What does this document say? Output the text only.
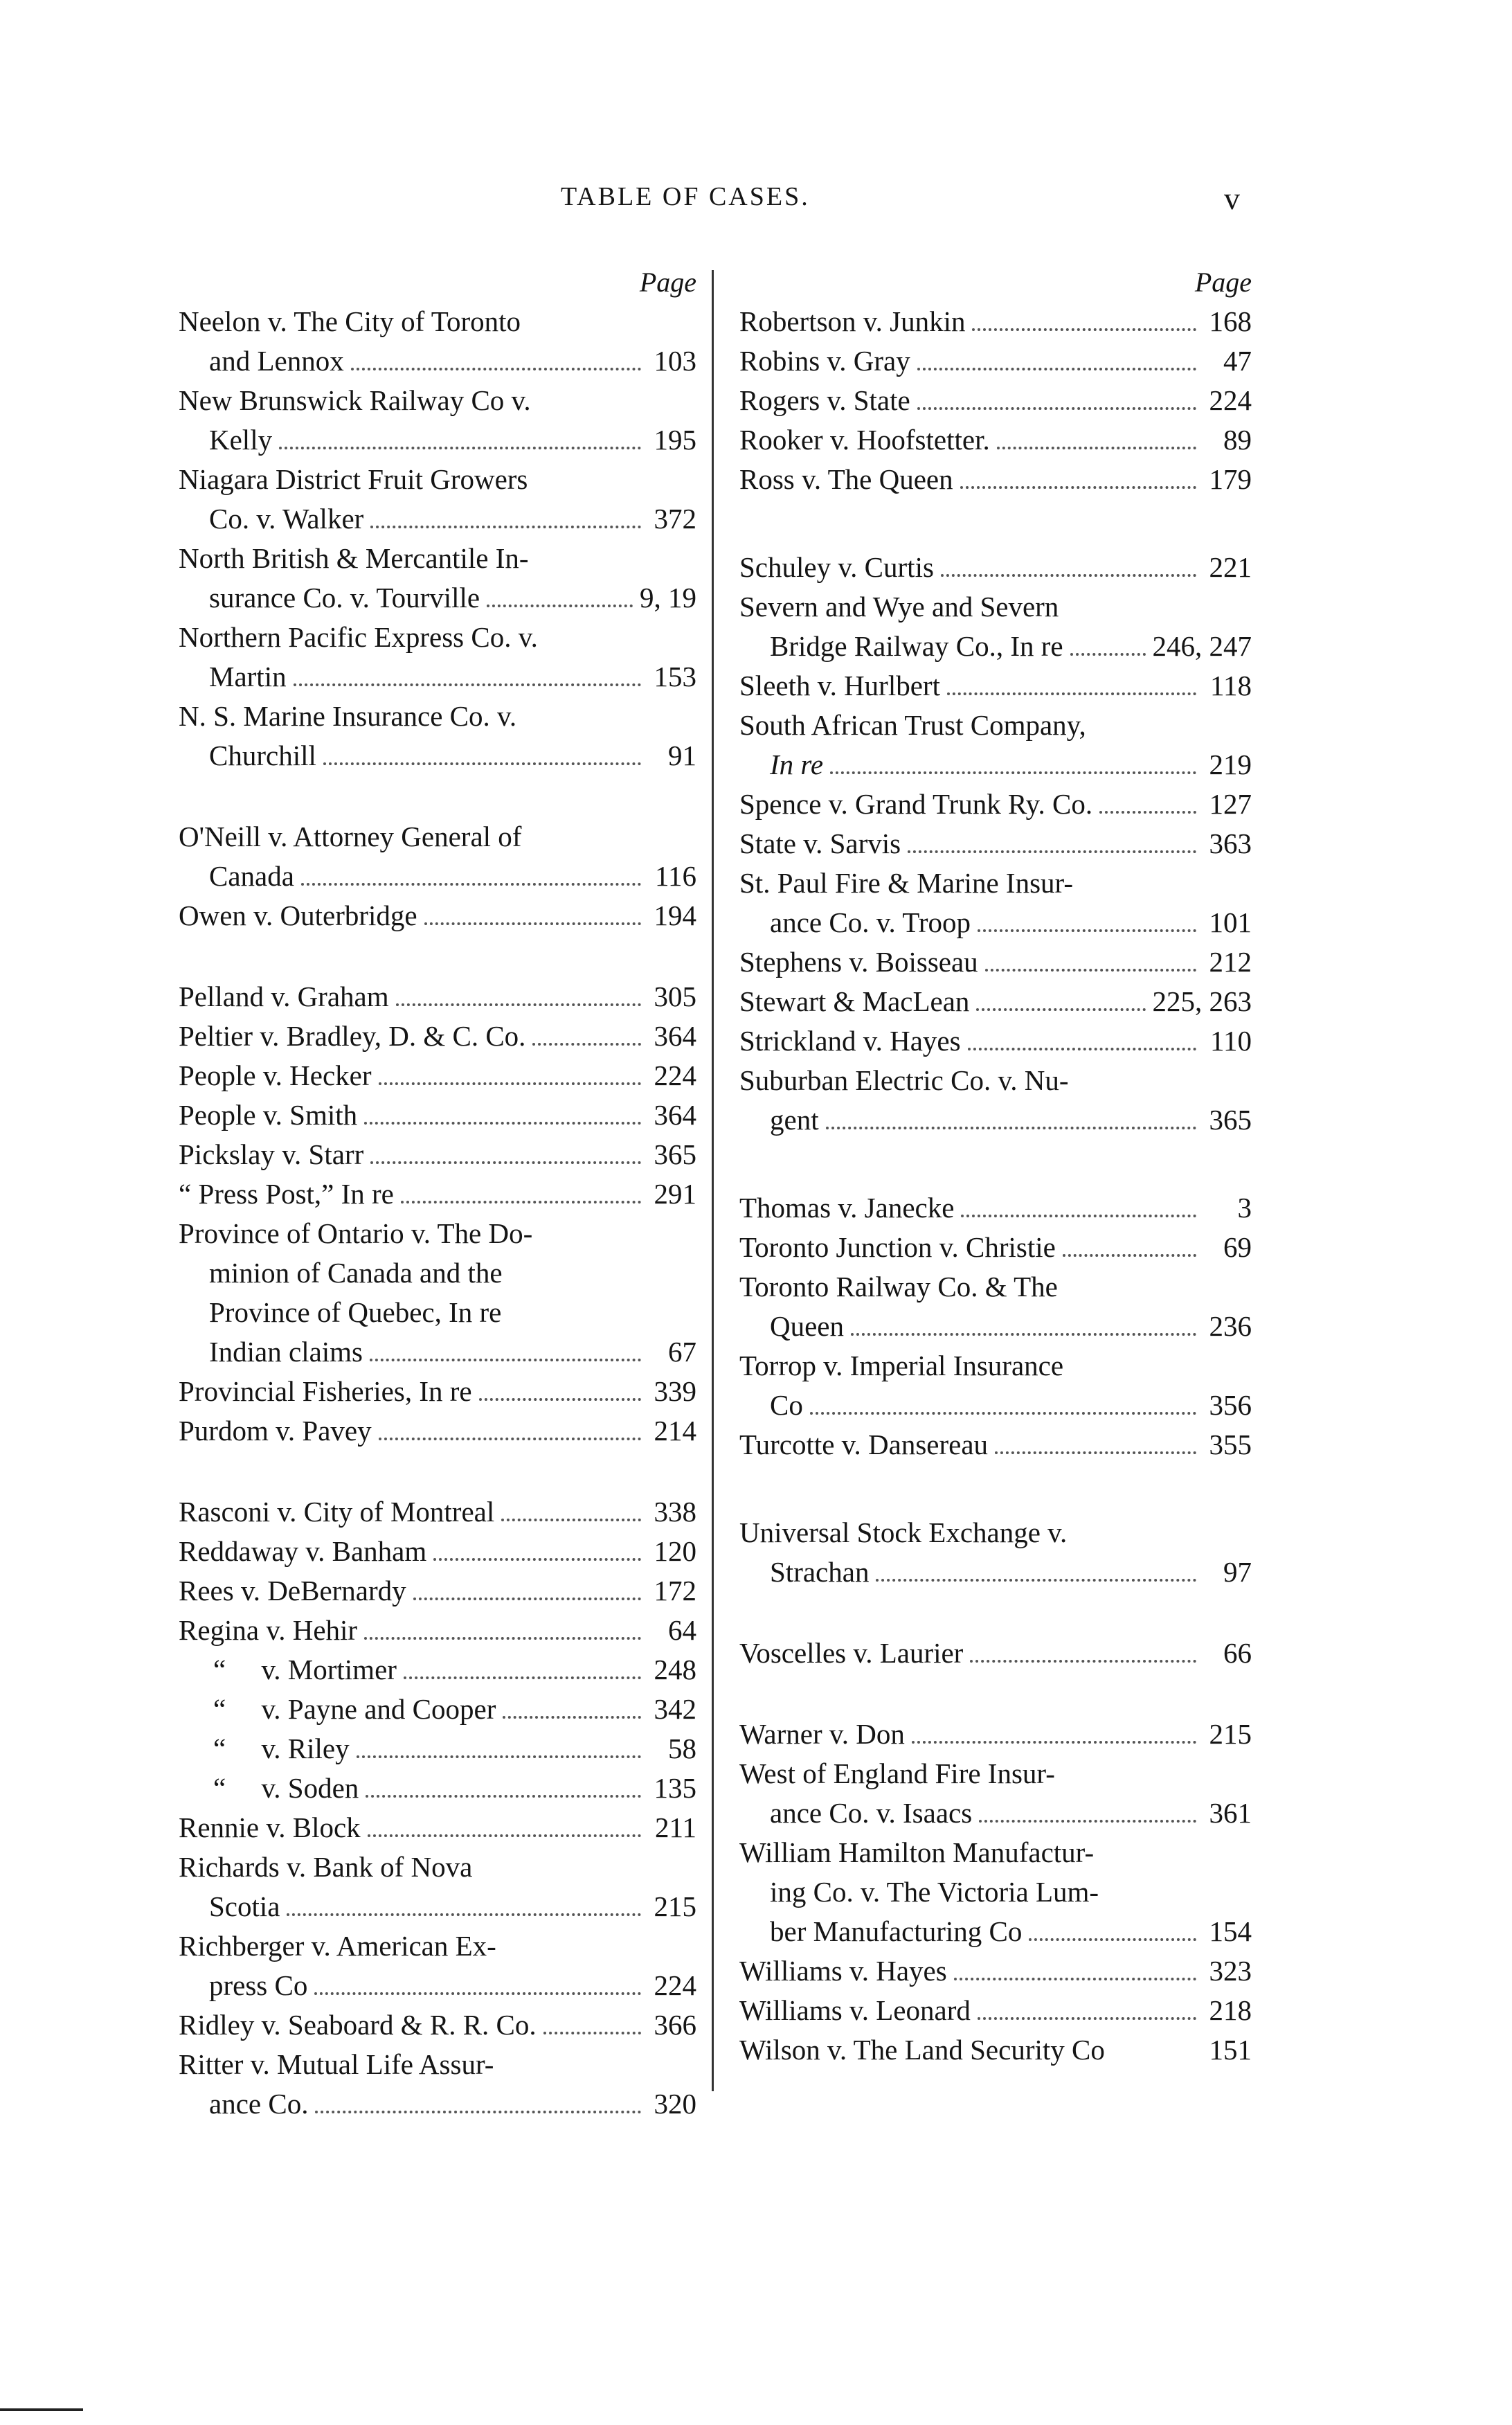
TABLE OF CASES.	v
Page
Neelon v. The City of Toronto
and Lennox	103
New Brunswick Railway Co v.
Kelly	195
Niagara District Fruit Growers
Co. v. Walker	372
North British & Mercantile In-
surance Co. v. Tourville	9, 19
Northern Pacific Express Co. v.
Martin	153
N. S. Marine Insurance Co. v.
Churchill	91
O'Neill v. Attorney General of
Canada	116
Owen v. Outerbridge	194
Pelland v. Graham	305
Peltier v. Bradley, D. & C. Co.	364
People v. Hecker	224
People v. Smith	364
Pickslay v. Starr	365
“ Press Post,” In re	291
Province of Ontario v. The Do-
minion of Canada and the
Province of Quebec, In re
Indian claims	67
Provincial Fisheries, In re	339
Purdom v. Pavey	214
Rasconi v. City of Montreal	338
Reddaway v. Banham	120
Rees v. DeBernardy	172
Regina v. Hehir	64
“     v. Mortimer	248
“     v. Payne and Cooper	342
“     v. Riley	58
“     v. Soden	135
Rennie v. Block	211
Richards v. Bank of Nova
Scotia	215
Richberger v. American Ex-
press Co	224
Ridley v. Seaboard & R. R. Co.	366
Ritter v. Mutual Life Assur-
ance Co.	320
Page
Robertson v. Junkin	168
Robins v. Gray	47
Rogers v. State	224
Rooker v. Hoofstetter.	89
Ross v. The Queen	179
Schuley v. Curtis	221
Severn and Wye and Severn
Bridge Railway Co., In re	246, 247
Sleeth v. Hurlbert	118
South African Trust Company,
In re	219
Spence v. Grand Trunk Ry. Co.	127
State v. Sarvis	363
St. Paul Fire & Marine Insur-
ance Co. v. Troop	101
Stephens v. Boisseau	212
Stewart & MacLean	225, 263
Strickland v. Hayes	110
Suburban Electric Co. v. Nu-
gent	365
Thomas v. Janecke	3
Toronto Junction v. Christie	69
Toronto Railway Co. & The
Queen	236
Torrop v. Imperial Insurance
Co	356
Turcotte v. Dansereau	355
Universal Stock Exchange v.
Strachan	97
Voscelles v. Laurier	66
Warner v. Don	215
West of England Fire Insur-
ance Co. v. Isaacs	361
William Hamilton Manufactur-
ing Co. v. The Victoria Lum-
ber Manufacturing Co	154
Williams v. Hayes	323
Williams v. Leonard	218
Wilson v. The Land Security Co	151
